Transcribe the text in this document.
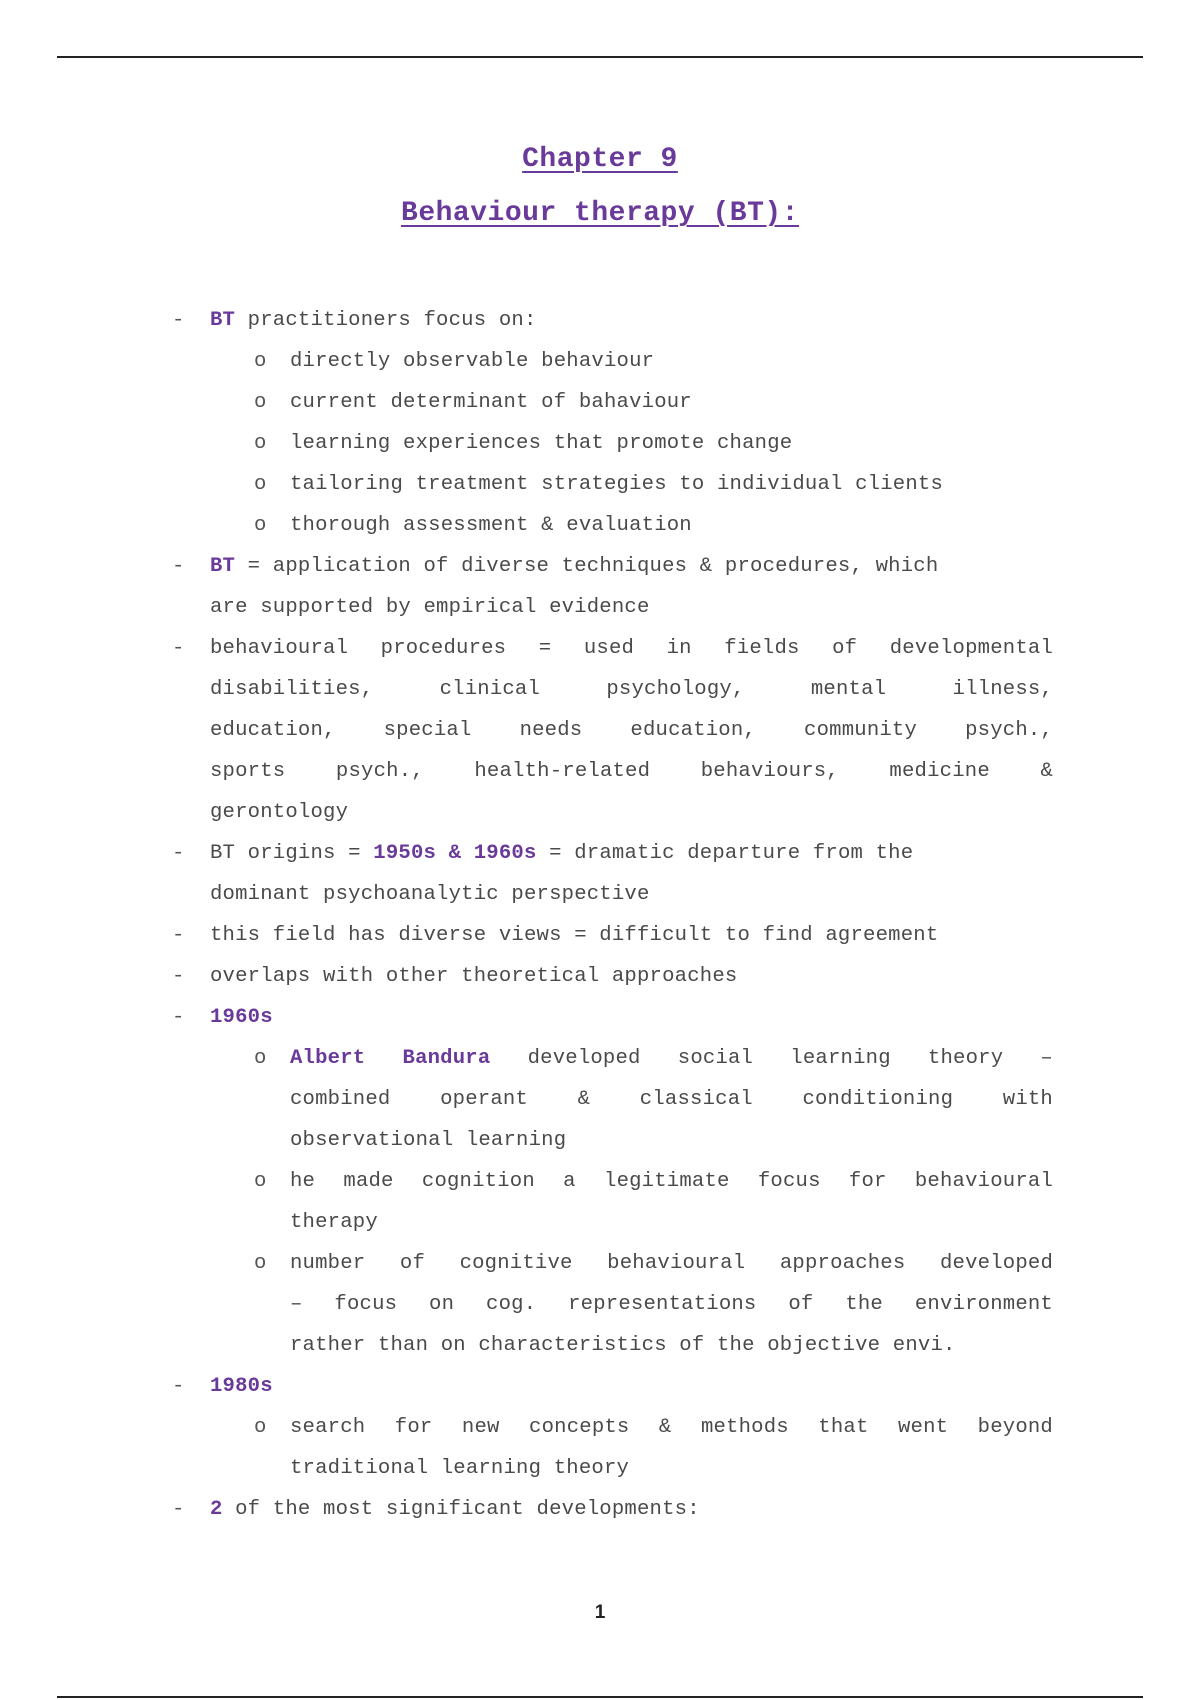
Chapter 9
Behaviour therapy (BT):
- BT practitioners focus on:
o directly observable behaviour
o current determinant of bahaviour
o learning experiences that promote change
o tailoring treatment strategies to individual clients
o thorough assessment & evaluation
- BT = application of diverse techniques & procedures, which
are supported by empirical evidence
- behavioural procedures = used in fields of developmental
disabilities, clinical psychology, mental illness,
education, special needs education, community psych.,
sports psych., health-related behaviours, medicine &
gerontology
- BT origins = 1950s & 1960s = dramatic departure from the
dominant psychoanalytic perspective
- this field has diverse views = difficult to find agreement
- overlaps with other theoretical approaches
- 1960s
o Albert Bandura developed social learning theory –
combined operant & classical conditioning with
observational learning
o he made cognition a legitimate focus for behavioural
therapy
o number of cognitive behavioural approaches developed
– focus on cog. representations of the environment
rather than on characteristics of the objective envi.
- 1980s
o search for new concepts & methods that went beyond
traditional learning theory
- 2 of the most significant developments:
1
